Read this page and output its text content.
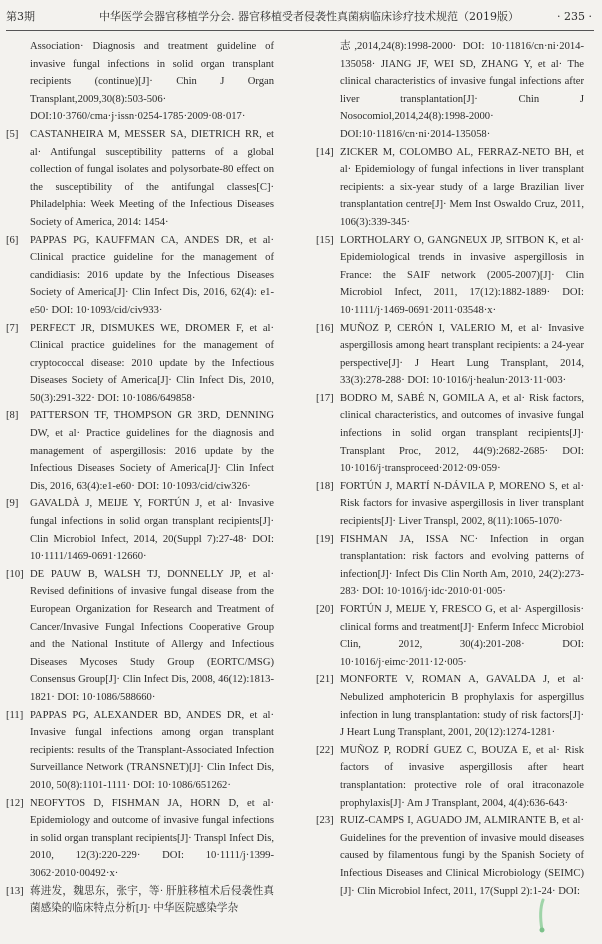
第3期	中华医学会器官移植学分会. 器官移植受者侵袭性真菌病临床诊疗技术规范（2019版）	· 235 ·
Association· Diagnosis and treatment guideline of invasive fungal infections in solid organ transplant recipients (continue)[J]· Chin J Organ Transplant,2009,30(8):503-506· DOI:10·3760/cma·j·issn·0254-1785·2009·08·017·
[5]	CASTANHEIRA M, MESSER SA, DIETRICH RR, et al· Antifungal susceptibility patterns of a global collection of fungal isolates and polysorbate-80 effect on the susceptibility of the antifungal classes[C]· Philadelphia: Week Meeting of the Infectious Diseases Society of America, 2014: 1454·
[6]	PAPPAS PG, KAUFFMAN CA, ANDES DR, et al· Clinical practice guideline for the management of candidiasis: 2016 update by the Infectious Diseases Society of America[J]· Clin Infect Dis, 2016, 62(4): e1-e50· DOI: 10·1093/cid/civ933·
[7]	PERFECT JR, DISMUKES WE, DROMER F, et al· Clinical practice guidelines for the management of cryptococcal disease: 2010 update by the Infectious Diseases Society of America[J]· Clin Infect Dis, 2010, 50(3):291-322· DOI: 10·1086/649858·
[8]	PATTERSON TF, THOMPSON GR 3RD, DENNING DW, et al· Practice guidelines for the diagnosis and management of aspergillosis: 2016 update by the Infectious Diseases Society of America[J]· Clin Infect Dis, 2016, 63(4):e1-e60· DOI: 10·1093/cid/ciw326·
[9]	GAVALDÀ J, MEIJE Y, FORTÚN J, et al· Invasive fungal infections in solid organ transplant recipients[J]· Clin Microbiol Infect, 2014, 20(Suppl 7):27-48· DOI: 10·1111/1469-0691·12660·
[10] DE PAUW B, WALSH TJ, DONNELLY JP, et al· Revised definitions of invasive fungal disease from the European Organization for Research and Treatment of Cancer/Invasive Fungal Infections Cooperative Group and the National Institute of Allergy and Infectious Diseases Mycoses Study Group (EORTC/MSG) Consensus Group[J]· Clin Infect Dis, 2008, 46(12):1813-1821· DOI: 10·1086/588660·
[11] PAPPAS PG, ALEXANDER BD, ANDES DR, et al· Invasive fungal infections among organ transplant recipients: results of the Transplant-Associated Infection Surveillance Network (TRANSNET)[J]· Clin Infect Dis, 2010, 50(8):1101-1111· DOI: 10·1086/651262·
[12] NEOFYTOS D, FISHMAN JA, HORN D, et al· Epidemiology and outcome of invasive fungal infections in solid organ transplant recipients[J]· Transpl Infect Dis, 2010, 12(3):220-229· DOI: 10·1111/j·1399-3062·2010·00492·x·
[13] 蒋进发，魏思东，张宇，等· 肝脏移植术后侵袭性真菌感染的临床特点分析[J]· 中华医院感染学杂
志,2014,24(8):1998-2000· DOI: 10·11816/cn·ni·2014-135058· JIANG JF, WEI SD, ZHANG Y, et al· The clinical characteristics of invasive fungal infections after liver transplantation[J]· Chin J Nosocomiol,2014,24(8):1998-2000· DOI:10·11816/cn·ni·2014-135058·
[14] ZICKER M, COLOMBO AL, FERRAZ-NETO BH, et al· Epidemiology of fungal infections in liver transplant recipients: a six-year study of a large Brazilian liver transplantation centre[J]· Mem Inst Oswaldo Cruz, 2011, 106(3):339-345·
[15] LORTHOLARY O, GANGNEUX JP, SITBON K, et al· Epidemiological trends in invasive aspergillosis in France: the SAIF network (2005-2007)[J]· Clin Microbiol Infect, 2011, 17(12):1882-1889· DOI: 10·1111/j·1469-0691·2011·03548·x·
[16] MUÑOZ P, CERÓN I, VALERIO M, et al· Invasive aspergillosis among heart transplant recipients: a 24-year perspective[J]· J Heart Lung Transplant, 2014, 33(3):278-288· DOI: 10·1016/j·healun·2013·11·003·
[17] BODRO M, SABÉ N, GOMILA A, et al· Risk factors, clinical characteristics, and outcomes of invasive fungal infections in solid organ transplant recipients[J]· Transplant Proc, 2012, 44(9):2682-2685· DOI: 10·1016/j·transproceed·2012·09·059·
[18] FORTÚN J, MARTÍ N-DÁVILA P, MORENO S, et al· Risk factors for invasive aspergillosis in liver transplant recipients[J]· Liver Transpl, 2002, 8(11):1065-1070·
[19] FISHMAN JA, ISSA NC· Infection in organ transplantation: risk factors and evolving patterns of infection[J]· Infect Dis Clin North Am, 2010, 24(2):273-283· DOI: 10·1016/j·idc·2010·01·005·
[20] FORTÚN J, MEIJE Y, FRESCO G, et al· Aspergillosis· clinical forms and treatment[J]· Enferm Infecc Microbiol Clin, 2012, 30(4):201-208· DOI: 10·1016/j·eimc·2011·12·005·
[21] MONFORTE V, ROMAN A, GAVALDA J, et al· Nebulized amphotericin B prophylaxis for aspergillus infection in lung transplantation: study of risk factors[J]· J Heart Lung Transplant, 2001, 20(12):1274-1281·
[22] MUÑOZ P, RODRÍ GUEZ C, BOUZA E, et al· Risk factors of invasive aspergillosis after heart transplantation: protective role of oral itraconazole prophylaxis[J]· Am J Transplant, 2004, 4(4):636-643·
[23] RUIZ-CAMPS I, AGUADO JM, ALMIRANTE B, et al· Guidelines for the prevention of invasive mould diseases caused by filamentous fungi by the Spanish Society of Infectious Diseases and Clinical Microbiology (SEIMC)[J]· Clin Microbiol Infect, 2011, 17(Suppl 2):1-24· DOI:
